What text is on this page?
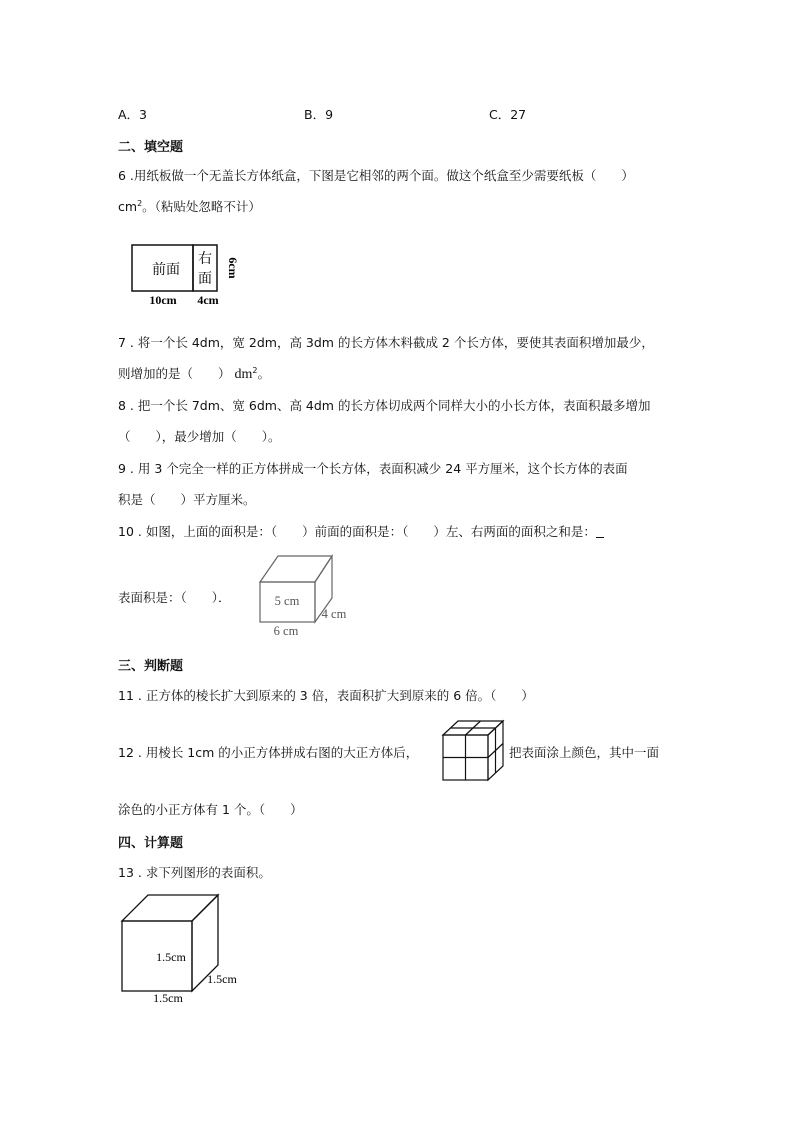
A．3	B．9	C．27
二、填空题
6 .用纸板做一个无盖长方体纸盒，下图是它相邻的两个面。做这个纸盒至少需要纸板（　　）
$cm^2$。（粘贴处忽略不计）
前面
右
面
10cm 4cm
6cm
7 . 将一个长 4dm，宽 2dm，高 3dm 的长方体木料截成 2 个长方体，要使其表面积增加最少，
则增加的是（　　） $dm^2$。
8 . 把一个长 7dm、宽 6dm、高 4dm 的长方体切成两个同样大小的小长方体，表面积最多增加
（　　），最少增加（　　）。
9 . 用 3 个完全一样的正方体拼成一个长方体，表面积减少 24 平方厘米，这个长方体的表面
积是（　　）平方厘米。
10 . 如图，上面的面积是：（　　）前面的面积是：（　　）左、右两面的面积之和是：
表面积是：（　　）．	5 cm
4 cm
6 cm
三、判断题
11 . 正方体的棱长扩大到原来的 3 倍，表面积扩大到原来的 6 倍。（　　）
12 . 用棱长 1cm 的小正方体拼成右图的大正方体后，	把表面涂上颜色，其中一面
涂色的小正方体有 1 个。（　　）
四、计算题
13 . 求下列图形的表面积。
1.5cm
1.5cm
1.5cm
